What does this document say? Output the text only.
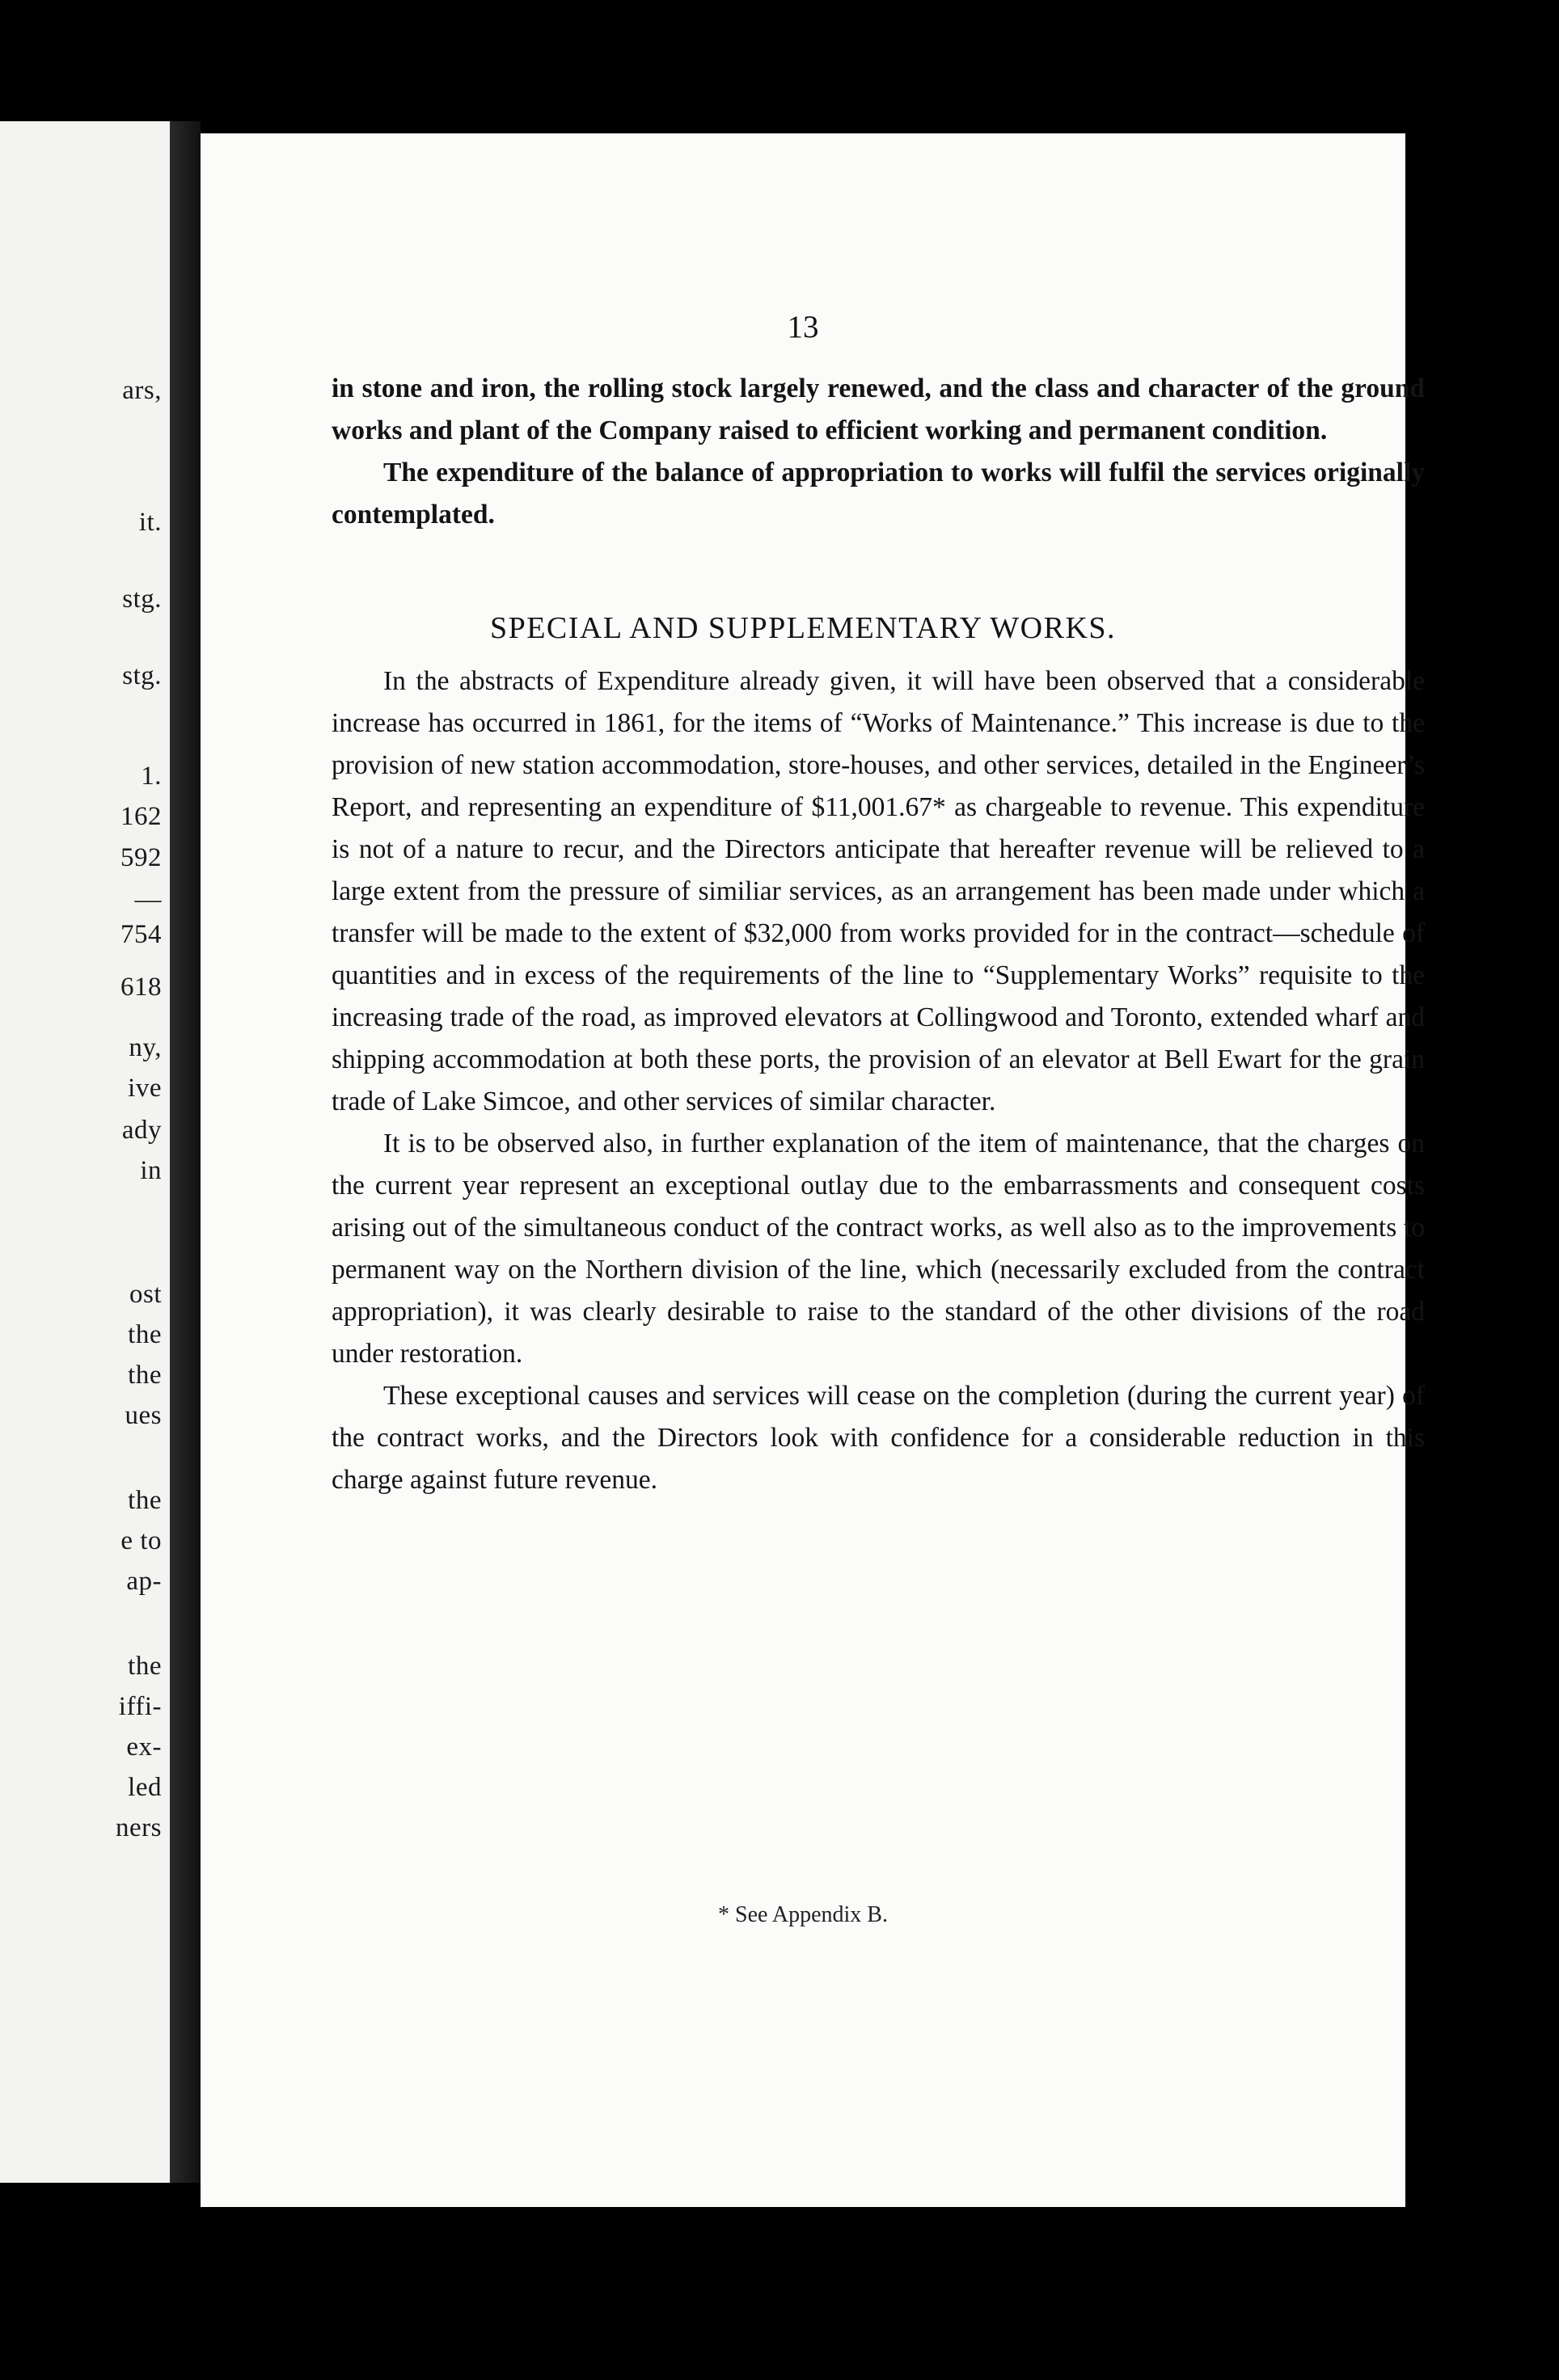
ars,
it.
stg.
stg.
1.
162
592
—
754
618
ny,
ive
ady
in
ost
the
the
ues
the
e to
ap-
the
iffi-
ex-
led
ners

13

in stone and iron, the rolling stock largely renewed, and the class and character of the ground works and plant of the Company raised to efficient working and permanent condition.

The expenditure of the balance of appropriation to works will fulfil the services originally contemplated.

SPECIAL AND SUPPLEMENTARY WORKS.

In the abstracts of Expenditure already given, it will have been observed that a considerable increase has occurred in 1861, for the items of “Works of Maintenance.” This increase is due to the provision of new station accommodation, store-houses, and other services, detailed in the Engineer’s Report, and representing an expenditure of $11,001.67* as chargeable to revenue. This expenditure is not of a nature to recur, and the Directors anticipate that hereafter revenue will be relieved to a large extent from the pressure of similiar services, as an arrangement has been made under which a transfer will be made to the extent of $32,000 from works provided for in the contract—schedule of quantities and in excess of the requirements of the line to “Supplementary Works” requisite to the increasing trade of the road, as improved elevators at Collingwood and Toronto, extended wharf and shipping accommodation at both these ports, the provision of an elevator at Bell Ewart for the grain trade of Lake Simcoe, and other services of similar character.

It is to be observed also, in further explanation of the item of maintenance, that the charges on the current year represent an exceptional outlay due to the embarrassments and consequent costs arising out of the simultaneous conduct of the contract works, as well also as to the improvements to permanent way on the Northern division of the line, which (necessarily excluded from the contract appropriation), it was clearly desirable to raise to the standard of the other divisions of the road under restoration.

These exceptional causes and services will cease on the completion (during the current year) of the contract works, and the Directors look with confidence for a considerable reduction in this charge against future revenue.

* See Appendix B.
